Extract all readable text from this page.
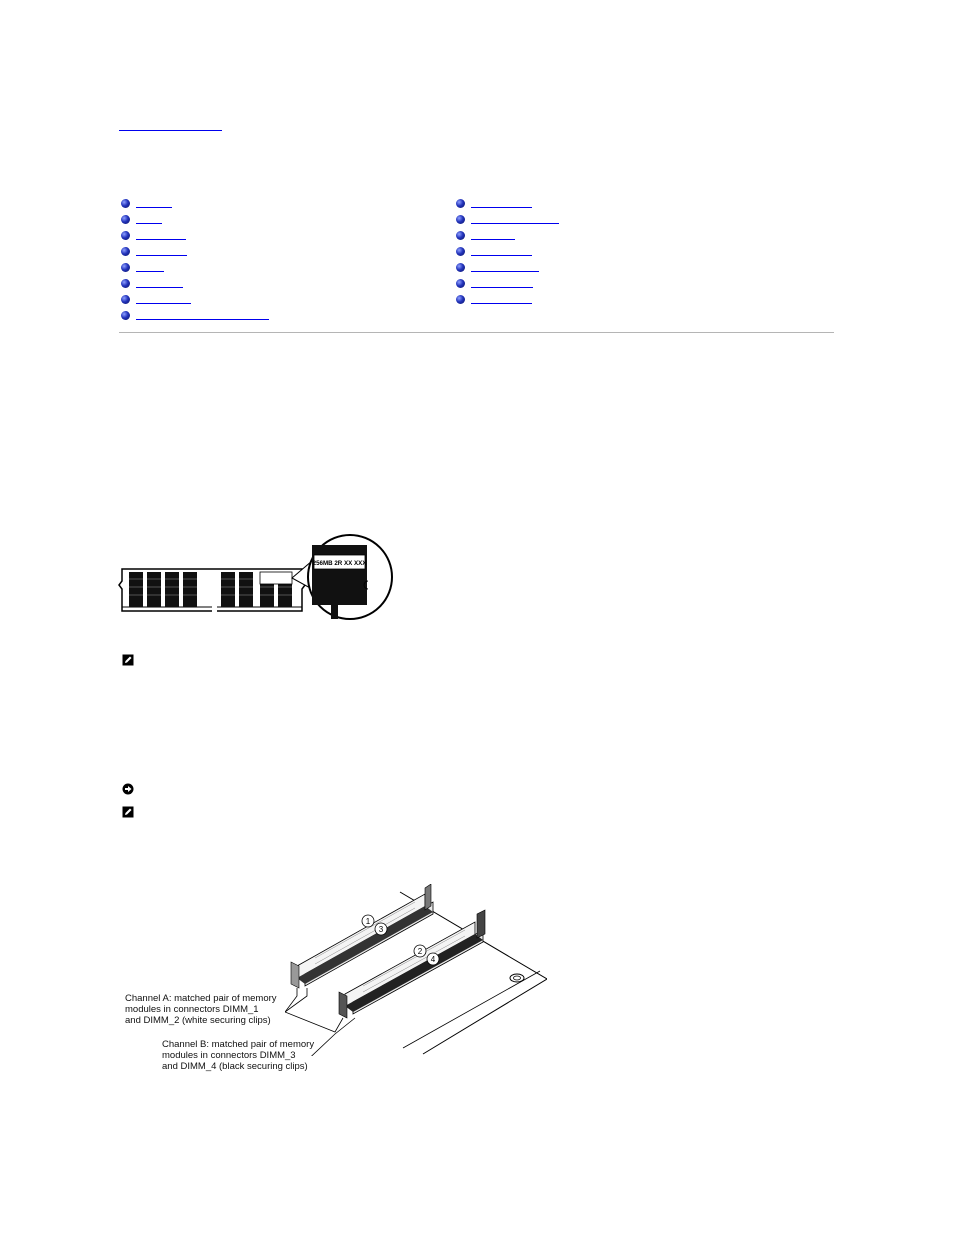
256MB 2R XX XXX
1
3
2
4
Channel A: matched pair of memory
modules in connectors DIMM_1
and DIMM_2 (white securing clips)
Channel B: matched pair of memory
modules in connectors DIMM_3
and DIMM_4 (black securing clips)
